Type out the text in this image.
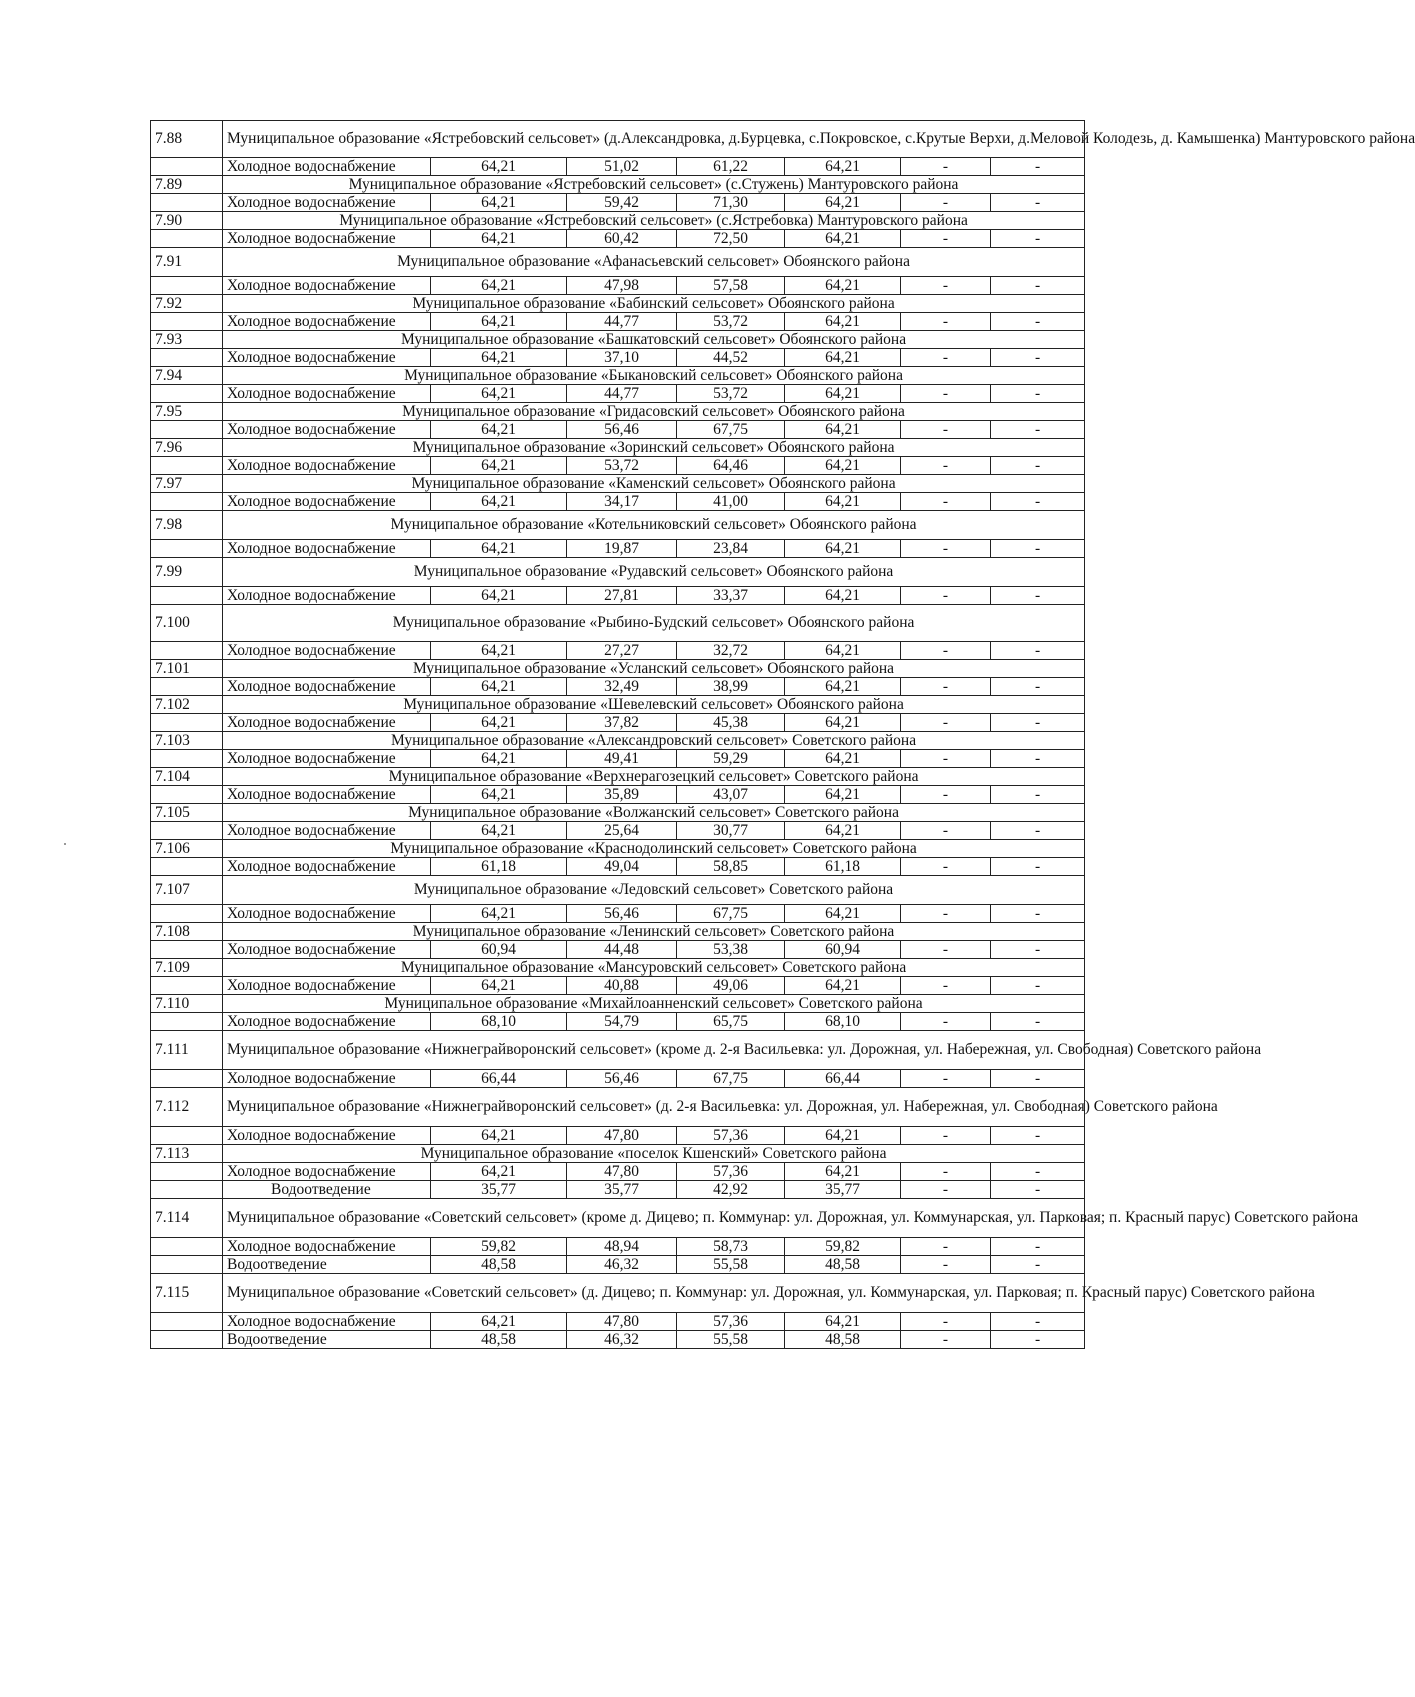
7.88	Муниципальное образование «Ястребовский сельсовет» (д.Александровка, д.Бурцевка, с.Покровское, с.Крутые Верхи, д.Меловой Колодезь, д. Камышенка) Мантуровского района						
	Холодное водоснабжение	64,21	51,02	61,22	64,21	-	-
7.89	Муниципальное образование «Ястребовский сельсовет» (с.Стужень) Мантуровского района						
	Холодное водоснабжение	64,21	59,42	71,30	64,21	-	-
7.90	Муниципальное образование «Ястребовский сельсовет» (с.Ястребовка) Мантуровского района						
	Холодное водоснабжение	64,21	60,42	72,50	64,21	-	-
7.91	Муниципальное образование «Афанасьевский сельсовет» Обоянского района						
	Холодное водоснабжение	64,21	47,98	57,58	64,21	-	-
7.92	Муниципальное образование «Бабинский сельсовет» Обоянского района						
	Холодное водоснабжение	64,21	44,77	53,72	64,21	-	-
7.93	Муниципальное образование «Башкатовский сельсовет» Обоянского района						
	Холодное водоснабжение	64,21	37,10	44,52	64,21	-	-
7.94	Муниципальное образование «Быкановский сельсовет» Обоянского района						
	Холодное водоснабжение	64,21	44,77	53,72	64,21	-	-
7.95	Муниципальное образование «Гридасовский сельсовет» Обоянского района						
	Холодное водоснабжение	64,21	56,46	67,75	64,21	-	-
7.96	Муниципальное образование «Зоринский сельсовет» Обоянского района						
	Холодное водоснабжение	64,21	53,72	64,46	64,21	-	-
7.97	Муниципальное образование «Каменский сельсовет» Обоянского района						
	Холодное водоснабжение	64,21	34,17	41,00	64,21	-	-
7.98	Муниципальное образование «Котельниковский сельсовет» Обоянского района						
	Холодное водоснабжение	64,21	19,87	23,84	64,21	-	-
7.99	Муниципальное образование «Рудавский сельсовет» Обоянского района						
	Холодное водоснабжение	64,21	27,81	33,37	64,21	-	-
7.100	Муниципальное образование «Рыбино-Будский сельсовет» Обоянского района						
	Холодное водоснабжение	64,21	27,27	32,72	64,21	-	-
7.101	Муниципальное образование «Усланский сельсовет» Обоянского района						
	Холодное водоснабжение	64,21	32,49	38,99	64,21	-	-
7.102	Муниципальное образование «Шевелевский сельсовет» Обоянского района						
	Холодное водоснабжение	64,21	37,82	45,38	64,21	-	-
7.103	Муниципальное образование «Александровский сельсовет» Советского района						
	Холодное водоснабжение	64,21	49,41	59,29	64,21	-	-
7.104	Муниципальное образование «Верхнерагозецкий сельсовет» Советского района						
	Холодное водоснабжение	64,21	35,89	43,07	64,21	-	-
7.105	Муниципальное образование «Волжанский сельсовет» Советского района						
	Холодное водоснабжение	64,21	25,64	30,77	64,21	-	-
7.106	Муниципальное образование «Краснодолинский сельсовет» Советского района						
	Холодное водоснабжение	61,18	49,04	58,85	61,18	-	-
7.107	Муниципальное образование «Ледовский сельсовет» Советского района						
	Холодное водоснабжение	64,21	56,46	67,75	64,21	-	-
7.108	Муниципальное образование «Ленинский сельсовет» Советского района						
	Холодное водоснабжение	60,94	44,48	53,38	60,94	-	-
7.109	Муниципальное образование «Мансуровский сельсовет» Советского района						
	Холодное водоснабжение	64,21	40,88	49,06	64,21	-	-
7.110	Муниципальное образование «Михайлоанненский сельсовет» Советского района						
	Холодное водоснабжение	68,10	54,79	65,75	68,10	-	-
7.111	Муниципальное образование «Нижнеграйворонский сельсовет» (кроме д. 2-я Васильевка: ул. Дорожная, ул. Набережная, ул. Свободная) Советского района						
	Холодное водоснабжение	66,44	56,46	67,75	66,44	-	-
7.112	Муниципальное образование «Нижнеграйворонский сельсовет» (д. 2-я Васильевка: ул. Дорожная, ул. Набережная, ул. Свободная) Советского района						
	Холодное водоснабжение	64,21	47,80	57,36	64,21	-	-
7.113	Муниципальное образование «поселок Кшенский» Советского района						
	Холодное водоснабжение	64,21	47,80	57,36	64,21	-	-
	Водоотведение	35,77	35,77	42,92	35,77	-	-
7.114	Муниципальное образование «Советский сельсовет» (кроме д. Дицево; п. Коммунар: ул. Дорожная, ул. Коммунарская, ул. Парковая; п. Красный парус) Советского района						
	Холодное водоснабжение	59,82	48,94	58,73	59,82	-	-
	Водоотведение	48,58	46,32	55,58	48,58	-	-
7.115	Муниципальное образование «Советский сельсовет» (д. Дицево; п. Коммунар: ул. Дорожная, ул. Коммунарская, ул. Парковая; п. Красный парус) Советского района						
	Холодное водоснабжение	64,21	47,80	57,36	64,21	-	-
	Водоотведение	48,58	46,32	55,58	48,58	-	-
